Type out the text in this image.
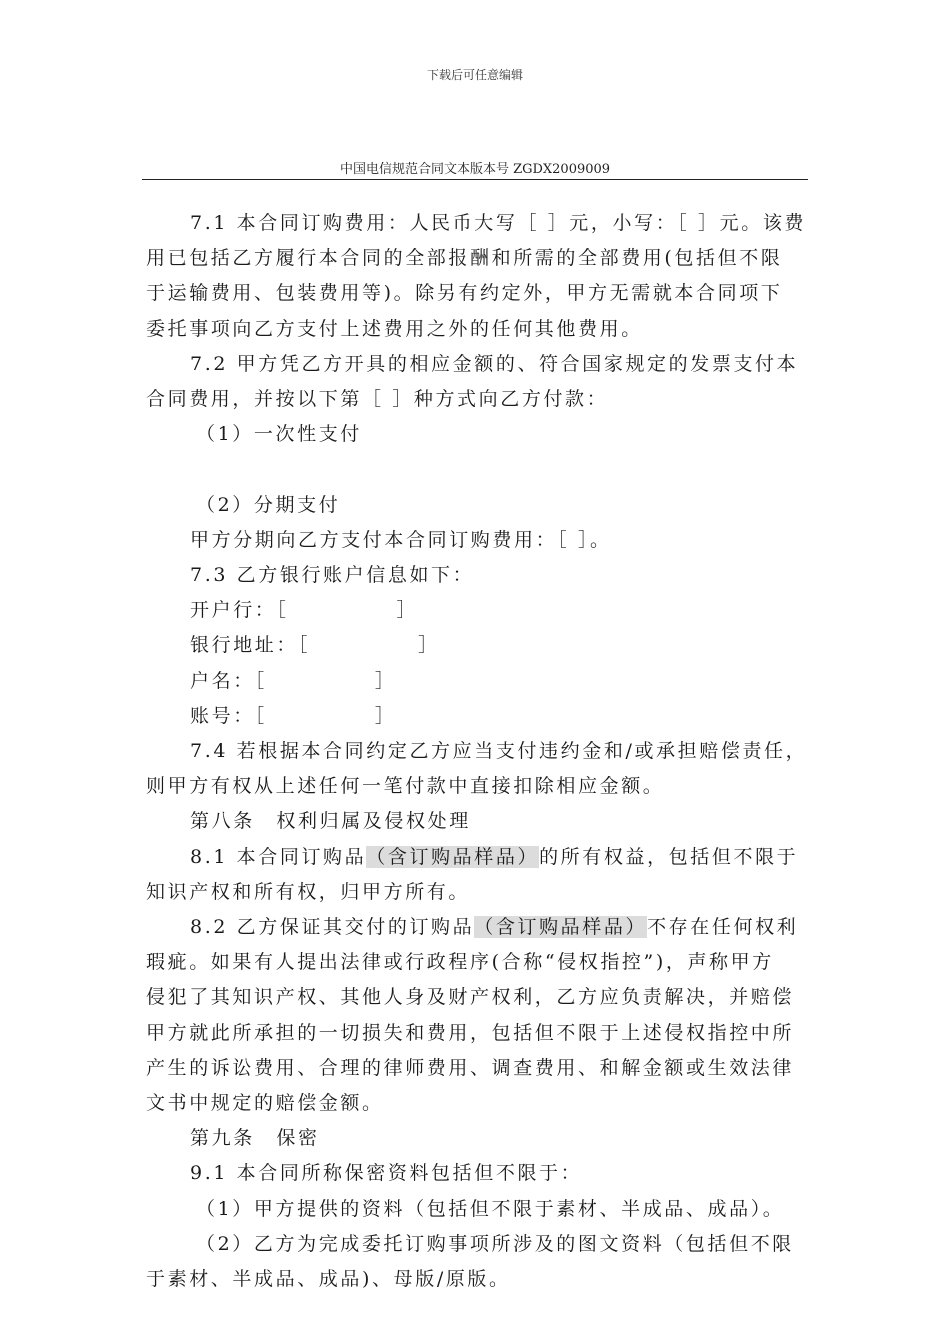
下载后可任意编辑
中国电信规范合同文本版本号 ZGDX2009009

7.1 本合同订购费用：人民币大写［ ］元，小写：［ ］元。该费

用已包括乙方履行本合同的全部报酬和所需的全部费用(包括但不限

于运输费用、包装费用等)。除另有约定外，甲方无需就本合同项下

委托事项向乙方支付上述费用之外的任何其他费用。

7.2 甲方凭乙方开具的相应金额的、符合国家规定的发票支付本

合同费用，并按以下第［ ］种方式向乙方付款：

（1）一次性支付

（2）分期支付

甲方分期向乙方支付本合同订购费用：［ ］。

7.3 乙方银行账户信息如下：

开户行：［　　　　　］

银行地址：［　　　　　］

户名：［　　　　　］

账号：［　　　　　］

7.4 若根据本合同约定乙方应当支付违约金和/或承担赔偿责任，

则甲方有权从上述任何一笔付款中直接扣除相应金额。

第八条　权利归属及侵权处理

8.1 本合同订购品（含订购品样品）的所有权益，包括但不限于

知识产权和所有权，归甲方所有。

8.2 乙方保证其交付的订购品（含订购品样品）不存在任何权利

瑕疵。如果有人提出法律或行政程序(合称“侵权指控”)，声称甲方

侵犯了其知识产权、其他人身及财产权利，乙方应负责解决，并赔偿

甲方就此所承担的一切损失和费用，包括但不限于上述侵权指控中所

产生的诉讼费用、合理的律师费用、调查费用、和解金额或生效法律

文书中规定的赔偿金额。

第九条　保密

9.1 本合同所称保密资料包括但不限于：

（1）甲方提供的资料（包括但不限于素材、半成品、成品）。

（2）乙方为完成委托订购事项所涉及的图文资料（包括但不限

于素材、半成品、成品)、母版/原版。
